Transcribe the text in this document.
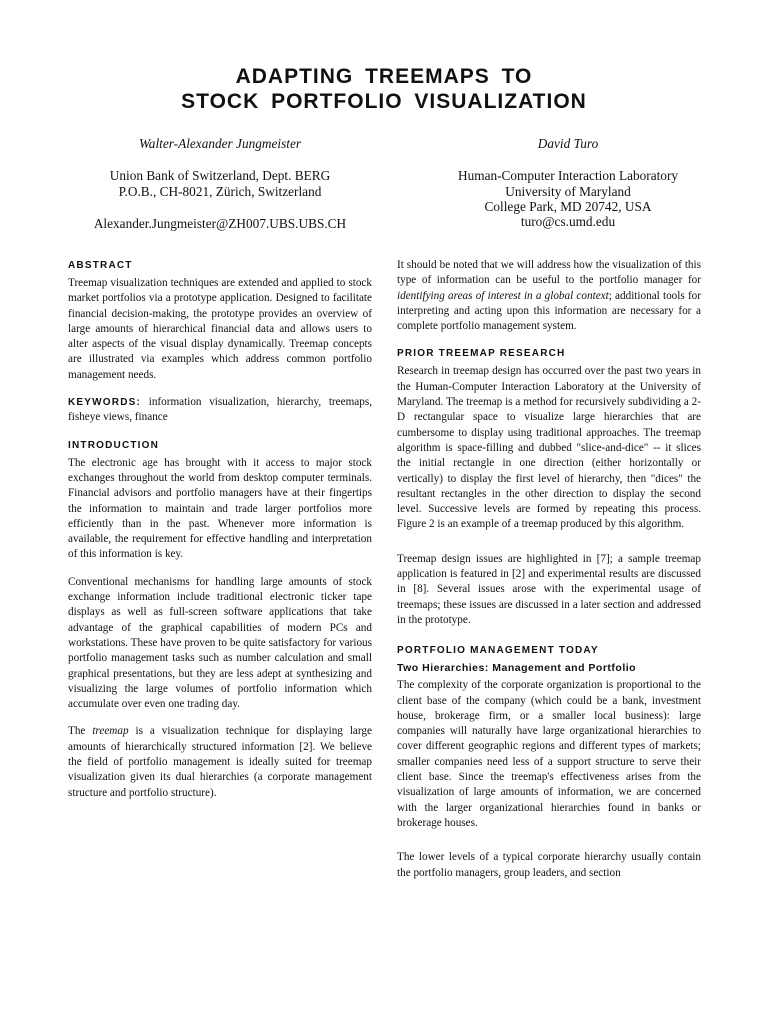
ADAPTING TREEMAPS TO
STOCK PORTFOLIO VISUALIZATION
Walter-Alexander Jungmeister
Union Bank of Switzerland, Dept. BERG
P.O.B., CH-8021, Zürich, Switzerland
Alexander.Jungmeister@ZH007.UBS.UBS.CH
David Turo
Human-Computer Interaction Laboratory
University of Maryland
College Park, MD 20742, USA
turo@cs.umd.edu
ABSTRACT

Treemap visualization techniques are extended and applied to stock market portfolios via a prototype application. Designed to facilitate financial decision-making, the prototype provides an overview of large amounts of hierarchical financial data and allows users to alter aspects of the visual display dynamically. Treemap concepts are illustrated via examples which address common portfolio management needs.

KEYWORDS: information visualization, hierarchy, treemaps, fisheye views, finance

INTRODUCTION

The electronic age has brought with it access to major stock exchanges throughout the world from desktop computer terminals. Financial advisors and portfolio managers have at their fingertips the information to maintain and trade larger portfolios more efficiently than in the past. Whenever more information is available, the requirement for effective handling and interpretation of this information is key.

Conventional mechanisms for handling large amounts of stock exchange information include traditional electronic ticker tape displays as well as full-screen software applications that take advantage of the graphical capabilities of modern PCs and workstations. These have proven to be quite satisfactory for various portfolio management tasks such as number calculation and small graphical presentations, but they are less adept at synthesizing and visualizing the large volumes of portfolio information which accumulate over even one trading day.

The treemap is a visualization technique for displaying large amounts of hierarchically structured information [2]. We believe the field of portfolio management is ideally suited for treemap visualization given its dual hierarchies (a corporate management structure and portfolio structure).

It should be noted that we will address how the visualization of this type of information can be useful to the portfolio manager for identifying areas of interest in a global context; additional tools for interpreting and acting upon this information are necessary for a complete portfolio management system.

PRIOR TREEMAP RESEARCH

Research in treemap design has occurred over the past two years in the Human-Computer Interaction Laboratory at the University of Maryland. The treemap is a method for recursively subdividing a 2-D rectangular space to visualize large hierarchies that are cumbersome to display using traditional approaches. The treemap algorithm is space-filling and dubbed "slice-and-dice" -- it slices the initial rectangle in one direction (either horizontally or vertically) to display the first level of hierarchy, then "dices" the resultant rectangles in the other direction to display the second level. Successive levels are formed by repeating this process. Figure 2 is an example of a treemap produced by this algorithm.

Treemap design issues are highlighted in [7]; a sample treemap application is featured in [2] and experimental results are discussed in [8]. Several issues arose with the experimental usage of treemaps; these issues are discussed in a later section and addressed in the prototype.

PORTFOLIO MANAGEMENT TODAY
Two Hierarchies: Management and Portfolio

The complexity of the corporate organization is proportional to the client base of the company (which could be a bank, investment house, brokerage firm, or a smaller local business): large companies will naturally have large organizational hierarchies to cover different geographic regions and different types of markets; smaller companies need less of a support structure to serve their client base. Since the treemap's effectiveness arises from the visualization of large amounts of information, we are concerned with the larger organizational hierarchies found in banks or brokerage houses.

The lower levels of a typical corporate hierarchy usually contain the portfolio managers, group leaders, and section
